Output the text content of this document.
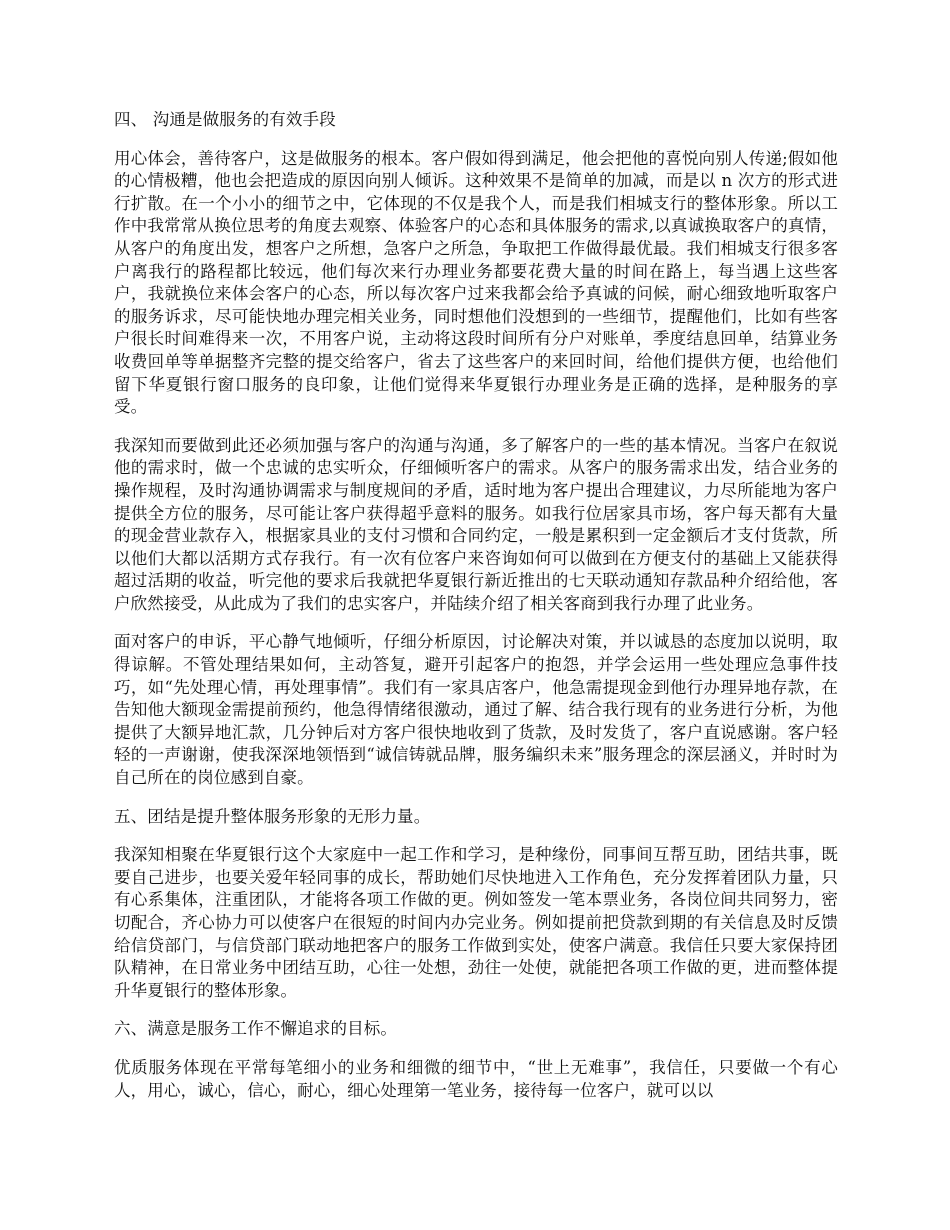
四、 沟通是做服务的有效手段
用心体会，善待客户，这是做服务的根本。客户假如得到满足，他会把他的喜悦向别人传递;假如他的心情极糟，他也会把造成的原因向别人倾诉。这种效果不是简单的加减，而是以 n 次方的形式进行扩散。在一个小小的细节之中，它体现的不仅是我个人，而是我们相城支行的整体形象。所以工作中我常常从换位思考的角度去观察、体验客户的心态和具体服务的需求,以真诚换取客户的真情，从客户的角度出发，想客户之所想，急客户之所急，争取把工作做得最优最。我们相城支行很多客户离我行的路程都比较远，他们每次来行办理业务都要花费大量的时间在路上，每当遇上这些客户，我就换位来体会客户的心态，所以每次客户过来我都会给予真诚的问候，耐心细致地听取客户的服务诉求，尽可能快地办理完相关业务，同时想他们没想到的一些细节，提醒他们，比如有些客户很长时间难得来一次，不用客户说，主动将这段时间所有分户对账单，季度结息回单，结算业务收费回单等单据整齐完整的提交给客户，省去了这些客户的来回时间，给他们提供方便，也给他们留下华夏银行窗口服务的良印象，让他们觉得来华夏银行办理业务是正确的选择，是种服务的享受。
我深知而要做到此还必须加强与客户的沟通与沟通，多了解客户的一些的基本情况。当客户在叙说他的需求时，做一个忠诚的忠实听众，仔细倾听客户的需求。从客户的服务需求出发，结合业务的操作规程，及时沟通协调需求与制度规间的矛盾，适时地为客户提出合理建议，力尽所能地为客户提供全方位的服务，尽可能让客户获得超乎意料的服务。如我行位居家具市场，客户每天都有大量的现金营业款存入，根据家具业的支付习惯和合同约定，一般是累积到一定金额后才支付货款，所以他们大都以活期方式存我行。有一次有位客户来咨询如何可以做到在方便支付的基础上又能获得超过活期的收益，听完他的要求后我就把华夏银行新近推出的七天联动通知存款品种介绍给他，客户欣然接受，从此成为了我们的忠实客户，并陆续介绍了相关客商到我行办理了此业务。
面对客户的申诉，平心静气地倾听，仔细分析原因，讨论解决对策，并以诚恳的态度加以说明，取得谅解。不管处理结果如何，主动答复，避开引起客户的抱怨，并学会运用一些处理应急事件技巧，如“先处理心情，再处理事情”。我们有一家具店客户，他急需提现金到他行办理异地存款，在告知他大额现金需提前预约，他急得情绪很激动，通过了解、结合我行现有的业务进行分析，为他提供了大额异地汇款，几分钟后对方客户很快地收到了货款，及时发货了，客户直说感谢。客户轻轻的一声谢谢，使我深深地领悟到“诚信铸就品牌，服务编织未来”服务理念的深层涵义，并时时为自己所在的岗位感到自豪。
五、团结是提升整体服务形象的无形力量。
我深知相聚在华夏银行这个大家庭中一起工作和学习，是种缘份，同事间互帮互助，团结共事，既要自己进步，也要关爱年轻同事的成长，帮助她们尽快地进入工作角色，充分发挥着团队力量，只有心系集体，注重团队，才能将各项工作做的更。例如签发一笔本票业务，各岗位间共同努力，密切配合，齐心协力可以使客户在很短的时间内办完业务。例如提前把贷款到期的有关信息及时反馈给信贷部门，与信贷部门联动地把客户的服务工作做到实处，使客户满意。我信任只要大家保持团队精神，在日常业务中团结互助，心往一处想，劲往一处使，就能把各项工作做的更，进而整体提升华夏银行的整体形象。
六、满意是服务工作不懈追求的目标。
优质服务体现在平常每笔细小的业务和细微的细节中，“世上无难事”，我信任，只要做一个有心人，用心，诚心，信心，耐心，细心处理第一笔业务，接待每一位客户，就可以以
